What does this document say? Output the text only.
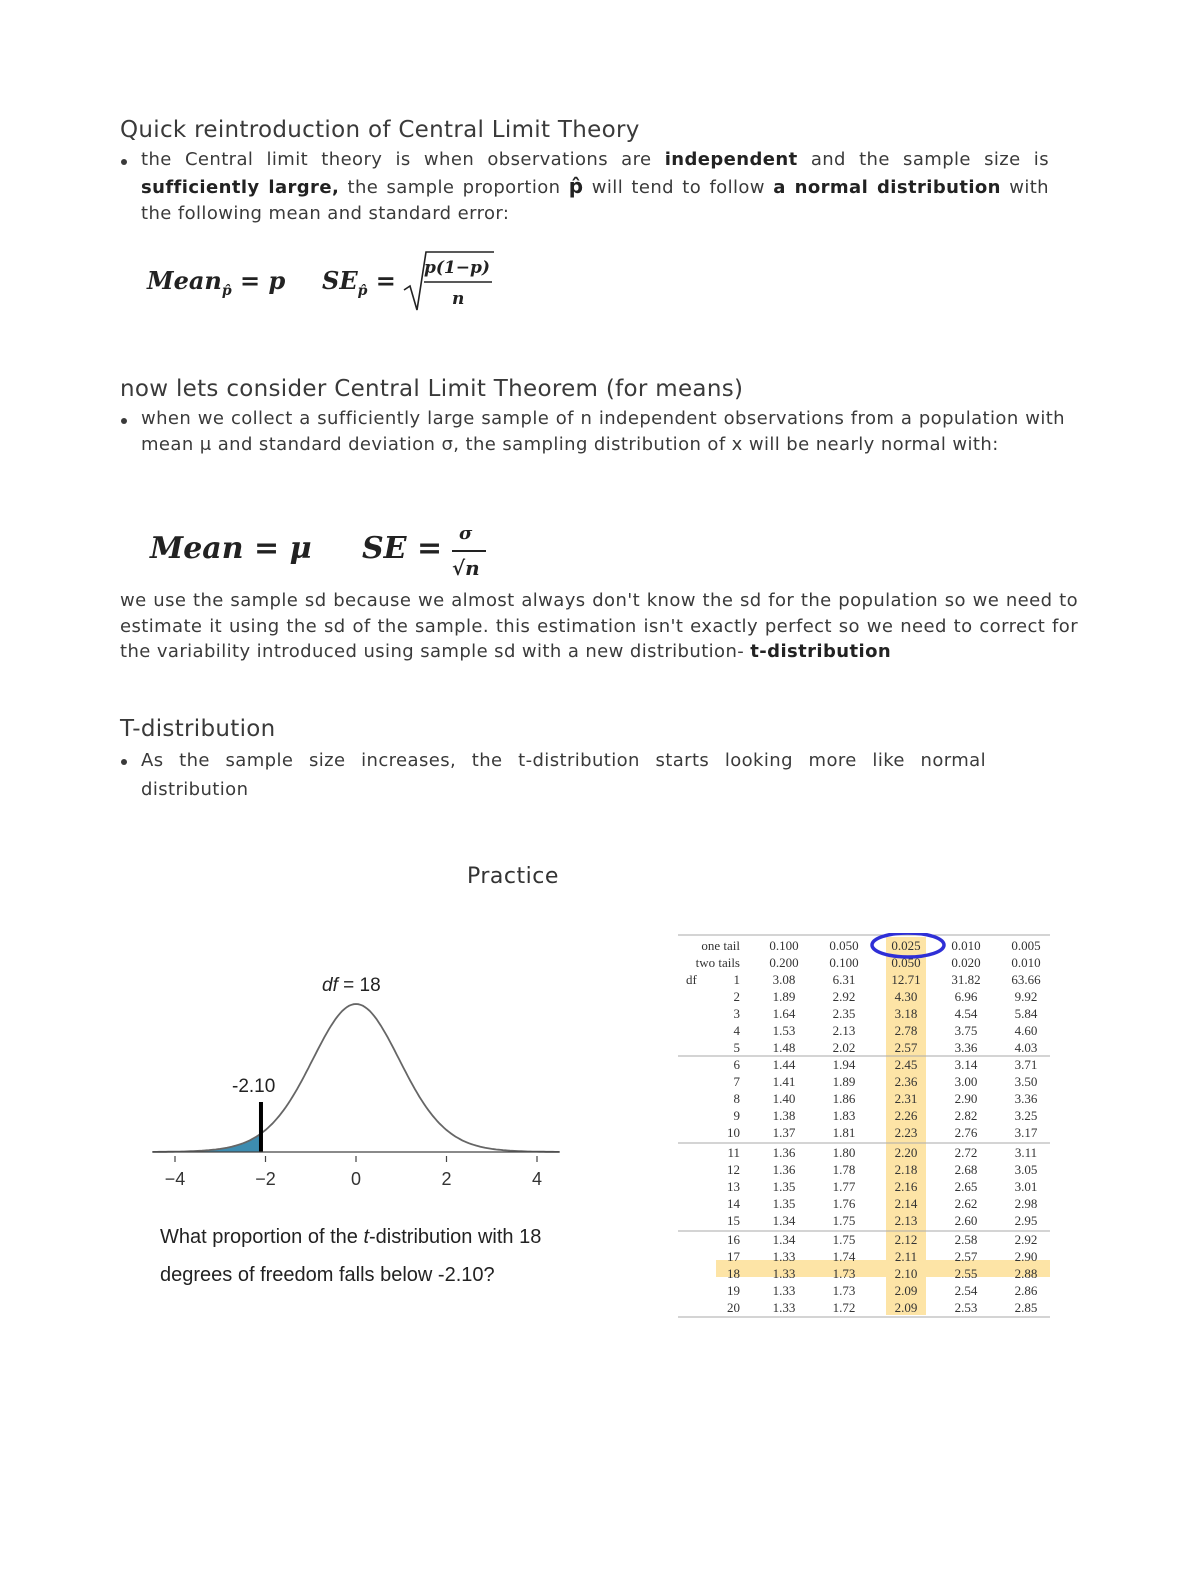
Quick reintroduction of Central Limit Theory
the Central limit theory is when observations are independent and the sample size is sufficiently largre, the sample proportion p̂ will tend to follow a normal distribution with the following mean and standard error:
Mean$_{p̂}$ = p $SE_{p̂} = p(1-p)$
n
now lets consider Central Limit Theorem (for means)
when we collect a sufficiently large sample of n independent observations from a population with mean μ and standard deviation σ, the sampling distribution of x will be nearly normal with:
Mean = μ SE = σ
√n
we use the sample sd because we almost always don't know the sd for the population so we need to estimate it using the sd of the sample. this estimation isn't exactly perfect so we need to correct for the variability introduced using sample sd with a new distribution- t-distribution
T-distribution
As the sample size increases, the t-distribution starts looking more like normal distribution
Practice
−4	−2	0	2	4
df = 18
-2.10
What proportion of the t-distribution with 18 degrees of freedom falls below -2.10?
one tail 0.100 0.050	0.025 0.010 0.005
two tails 0.200 0.100	0.050 0.020 0.010
df	1	3.08	6.31	12.71 31.82 63.66
2	1.89	2.92	4.30	6.96	9.92
3	1.64	2.35	3.18	4.54	5.84
4	1.53	2.13	2.78	3.75	4.60
5	1.48	2.02	2.57	3.36	4.03
6	1.44	1.94	2.45	3.14	3.71
7	1.41	1.89	2.36	3.00	3.50
8	1.40	1.86	2.31	2.90	3.36
9	1.38	1.83	2.26	2.82	3.25
10	1.37	1.81	2.23	2.76	3.17
11	1.36	1.80	2.20	2.72	3.11
12	1.36	1.78	2.18	2.68	3.05
13	1.35	1.77	2.16	2.65	3.01
14	1.35	1.76	2.14	2.62	2.98
15	1.34	1.75	2.13	2.60	2.95
16	1.34	1.75	2.12	2.58	2.92
17	1.33	1.74	2.11	2.57	2.90
18	1.33	1.73	2.10	2.55	2.88
19	1.33	1.73	2.09	2.54	2.86
20	1.33	1.72	2.09	2.53	2.85
